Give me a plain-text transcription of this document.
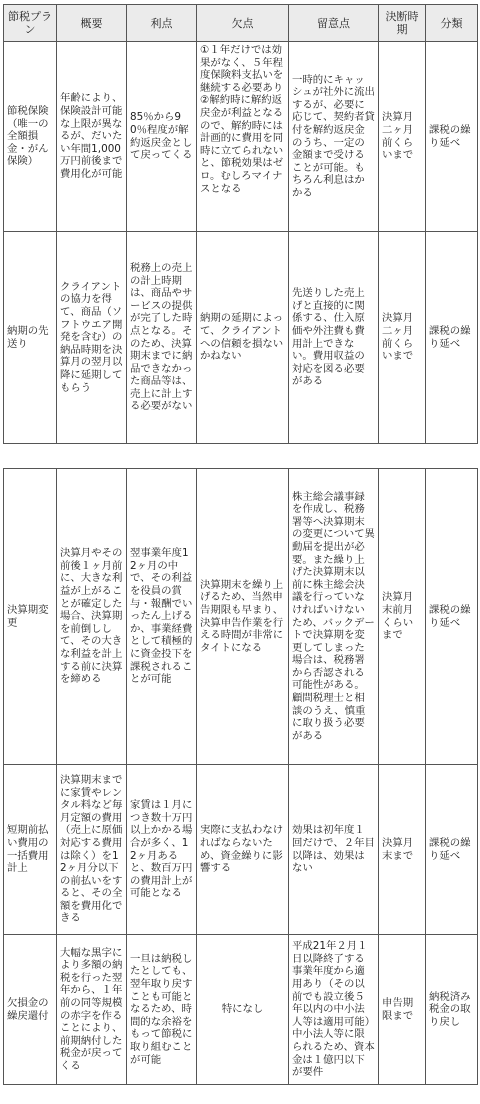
節税プラン	概要	利点	欠点	留意点	決断時期	分類
節税保険（唯一の全額損金・がん保険）	年齢により、保険設計可能な上限が異なるが、だいたい年間1,000万円前後まで費用化が可能	85％から90％程度が解約返戻金として戻ってくる	①１年だけでは効果がなく、５年程度保険料支払いを継続する必要あり ②解約時に解約返戻金が利益となるので、解約時には計画的に費用を同時に立てられないと、節税効果はゼロ。むしろマイナスとなる	一時的にキャッシュが社外に流出するが、必要に応じて、契約者貸付を解約返戻金のうち、一定の金額まで受けることが可能。もちろん利息はかかる	決算月二ヶ月前くらいまで	課税の繰り延べ
納期の先送り	クライアントの協力を得て、商品（ソフトウエア開発を含む）の納品時期を決算月の翌月以降に延期してもらう	税務上の売上の計上時期は、商品やサービスの提供が完了した時点となる。そのため、決算期末までに納品できなかった商品等は、売上に計上する必要がない	納期の延期によって、クライアントへの信頼を損ないかねない	先送りした売上げと直接的に関係する、仕入原価や外注費も費用計上できない。費用収益の対応を図る必要がある	決算月二ヶ月前くらいまで	課税の繰り延べ
決算期変更	決算月やその前後１ヶ月前に、大きな利益が上がることが確定した場合、決算期を前倒しして、その大きな利益を計上する前に決算を締める	翌事業年度12ヶ月の中で、その利益を役員の賞与・報酬でいったん上げるか、事業経費として積極的に資金投下を課税されることが可能	決算期末を繰り上げるため、当然申告期限も早まり、決算申告作業を行える時間が非常にタイトになる	株主総会議事録を作成し、税務署等へ決算期末の変更について異動届を提出が必要。また繰り上げた決算期末以前に株主総会決議を行っていなければいけないため、バックデートで決算期を変更してしまった場合は、税務署から否認される可能性がある。顧問税理士と相談のうえ、慎重に取り扱う必要がある	決算月末前月くらいまで	課税の繰り延べ
短期前払い費用の一括費用計上	決算期末までに家賃やレンタル料など毎月定額の費用（売上に原価対応する費用は除く）を12ヶ月分以下の前払いをすると、その全額を費用化できる	家賃は１月につき数十万円以上かかる場合が多く、12ヶ月あると、数百万円の費用計上が可能となる	実際に支払わなければならないため、資金繰りに影響する	効果は初年度１回だけで、２年目以降は、効果はない	決算月末まで	課税の繰り延べ
欠損金の繰戻還付	大幅な黒字により多額の納税を行った翌年から、１年前の同等規模の赤字を作ることにより、前期納付した税金が戻ってくる	一旦は納税したとしても、翌年取り戻すことも可能となるため、時間的な余裕をもって節税に取り組むことが可能	特になし	平成21年２月１日以降終了する事業年度から適用あり（その以前でも設立後５年以内の中小法人等は適用可能）中小法人等に限られるため、資本金は１億円以下が要件	申告期限まで	納税済み税金の取り戻し
